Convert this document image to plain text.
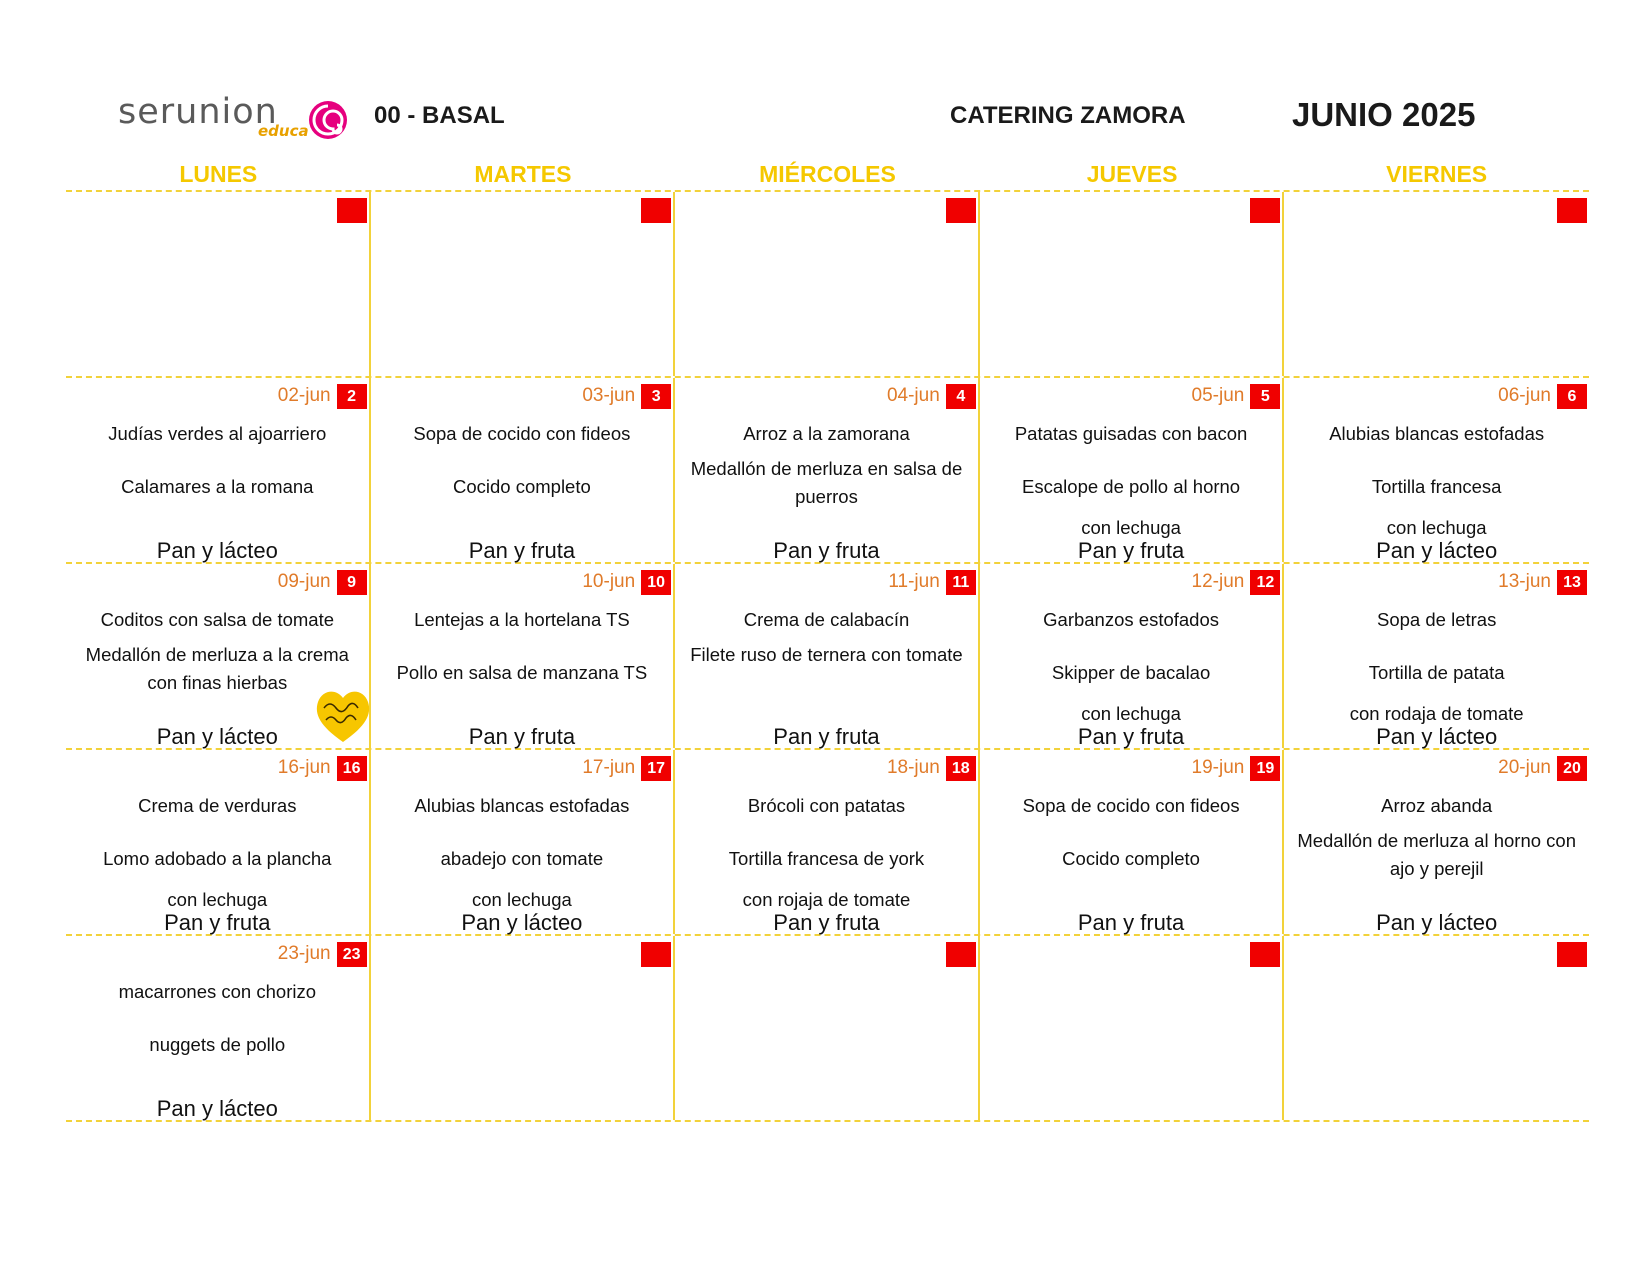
serunion
educa
00 - BASAL	CATERING ZAMORA	JUNIO 2025
LUNES	MARTES	MIÉRCOLES	JUEVES	VIERNES
02-jun	2
Judías verdes al ajoarriero
Calamares a la romana
Pan y lácteo
03-jun	3
Sopa de cocido con fideos
Cocido completo
Pan y fruta
04-jun	4
Arroz a la zamorana
Medallón de merluza en salsa de puerros
Pan y fruta
05-jun	5
Patatas guisadas con bacon
Escalope de pollo al horno
con lechuga
Pan y fruta
06-jun	6
Alubias blancas estofadas
Tortilla francesa
con lechuga
Pan y lácteo
09-jun	9
Coditos con salsa de tomate
Medallón de merluza a la crema con finas hierbas
Pan y lácteo
10-jun 10
Lentejas a la hortelana TS
Pollo en salsa de manzana TS
Pan y fruta
11-jun 11
Crema de calabacín
Filete ruso de ternera con tomate
Pan y fruta
12-jun 12
Garbanzos estofados
Skipper de bacalao
con lechuga
Pan y fruta
13-jun 13
Sopa de letras
Tortilla de patata
con rodaja de tomate
Pan y lácteo
16-jun 16
Crema de verduras
Lomo adobado a la plancha
con lechuga
Pan y fruta
17-jun 17
Alubias blancas estofadas
abadejo con tomate
con lechuga
Pan y lácteo
18-jun 18
Brócoli con patatas
Tortilla francesa de york
con rojaja de tomate
Pan y fruta
19-jun 19
Sopa de cocido con fideos
Cocido completo
Pan y fruta
20-jun 20
Arroz abanda
Medallón de merluza al horno con ajo y perejil
Pan y lácteo
23-jun 23
macarrones con chorizo
nuggets de pollo
Pan y lácteo
